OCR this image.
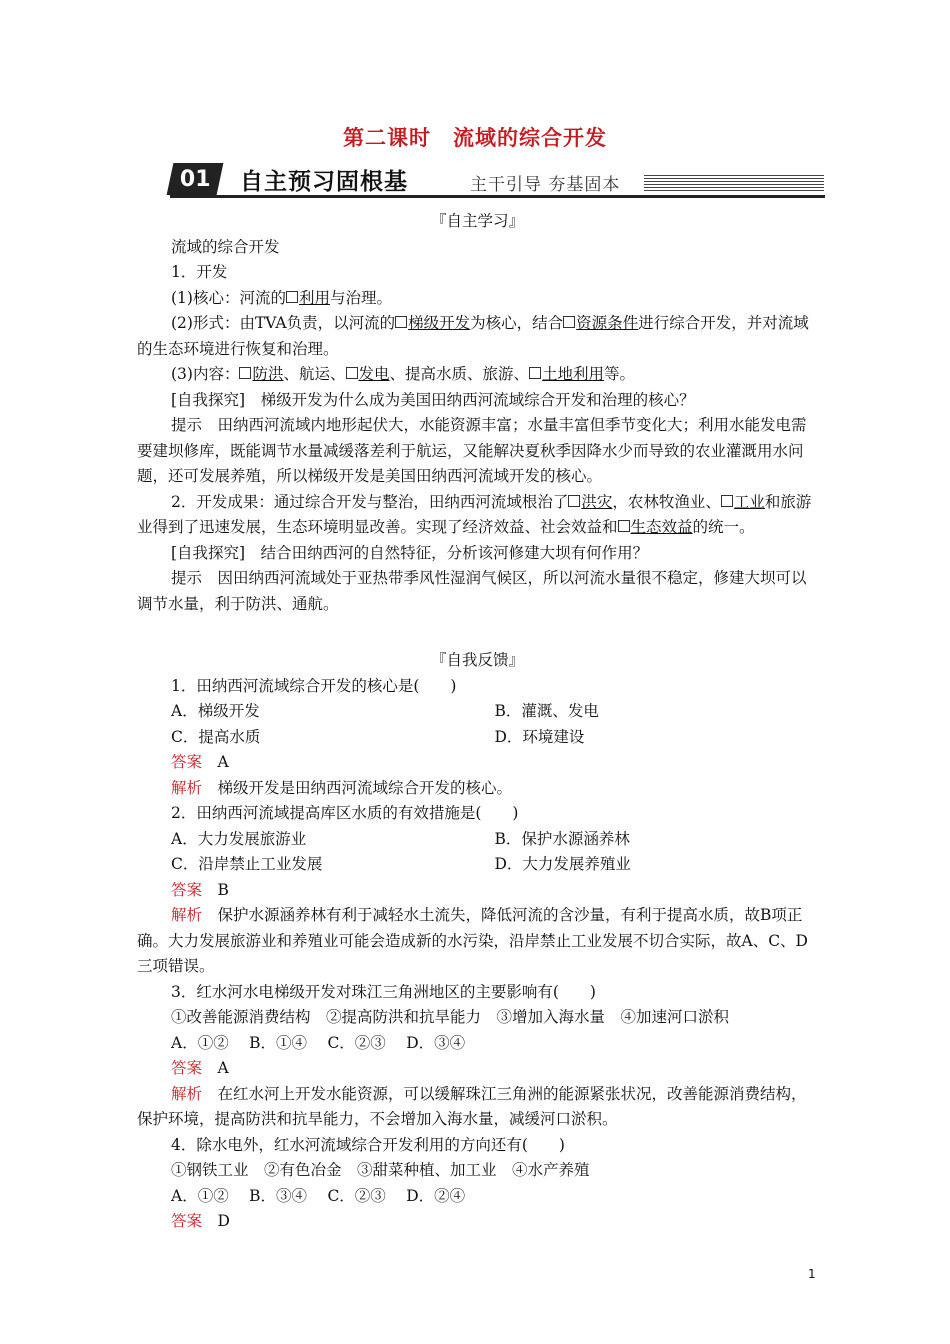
第二课时　流域的综合开发
01 自主预习固根基	主干引导 夯基固本

『自主学习』

流域的综合开发

1．开发

(1)核心：河流的 利用与治理。

(2)形式：由TVA负责，以河流的 梯级开发为核心，结合 资源条件进行综合开发，并对流域的生态环境进行恢复和治理。

(3)内容： 防洪、航运、 发电、提高水质、旅游、 土地利用等。

[自我探究]　梯级开发为什么成为美国田纳西河流域综合开发和治理的核心？

提示　田纳西河流域内地形起伏大，水能资源丰富；水量丰富但季节变化大；利用水能发电需要建坝修库，既能调节水量减缓落差利于航运，又能解决夏秋季因降水少而导致的农业灌溉用水问题，还可发展养殖，所以梯级开发是美国田纳西河流域开发的核心。

2．开发成果：通过综合开发与整治，田纳西河流域根治了 洪灾，农林牧渔业、 工业和旅游业得到了迅速发展，生态环境明显改善。实现了经济效益、社会效益和 生态效益的统一。

[自我探究]　结合田纳西河的自然特征，分析该河修建大坝有何作用？

提示　因田纳西河流域处于亚热带季风性湿润气候区，所以河流水量很不稳定，修建大坝可以调节水量，利于防洪、通航。

『自我反馈』

1．田纳西河流域综合开发的核心是(　　)

A．梯级开发	B．灌溉、发电
C．提高水质	D．环境建设

答案　 A

解析　 梯级开发是田纳西河流域综合开发的核心。

2．田纳西河流域提高库区水质的有效措施是(　　)

A．大力发展旅游业	B．保护水源涵养林
C．沿岸禁止工业发展	D．大力发展养殖业

答案　 B

解析　 保护水源涵养林有利于减轻水土流失，降低河流的含沙量，有利于提高水质，故B项正确。大力发展旅游业和养殖业可能会造成新的水污染，沿岸禁止工业发展不切合实际，故A、C、D三项错误。

3．红水河水电梯级开发对珠江三角洲地区的主要影响有(　　)

①改善能源消费结构　②提高防洪和抗旱能力　③增加入海水量　④加速河口淤积

A．①②　 B．①④　 C．②③　 D．③④

答案　 A

解析　 在红水河上开发水能资源，可以缓解珠江三角洲的能源紧张状况，改善能源消费结构，保护环境，提高防洪和抗旱能力，不会增加入海水量，减缓河口淤积。

4．除水电外，红水河流域综合开发利用的方向还有(　　)

①钢铁工业　②有色冶金　③甜菜种植、加工业　④水产养殖

A．①②　 B．③④　 C．②③　 D．②④

答案　 D

1
